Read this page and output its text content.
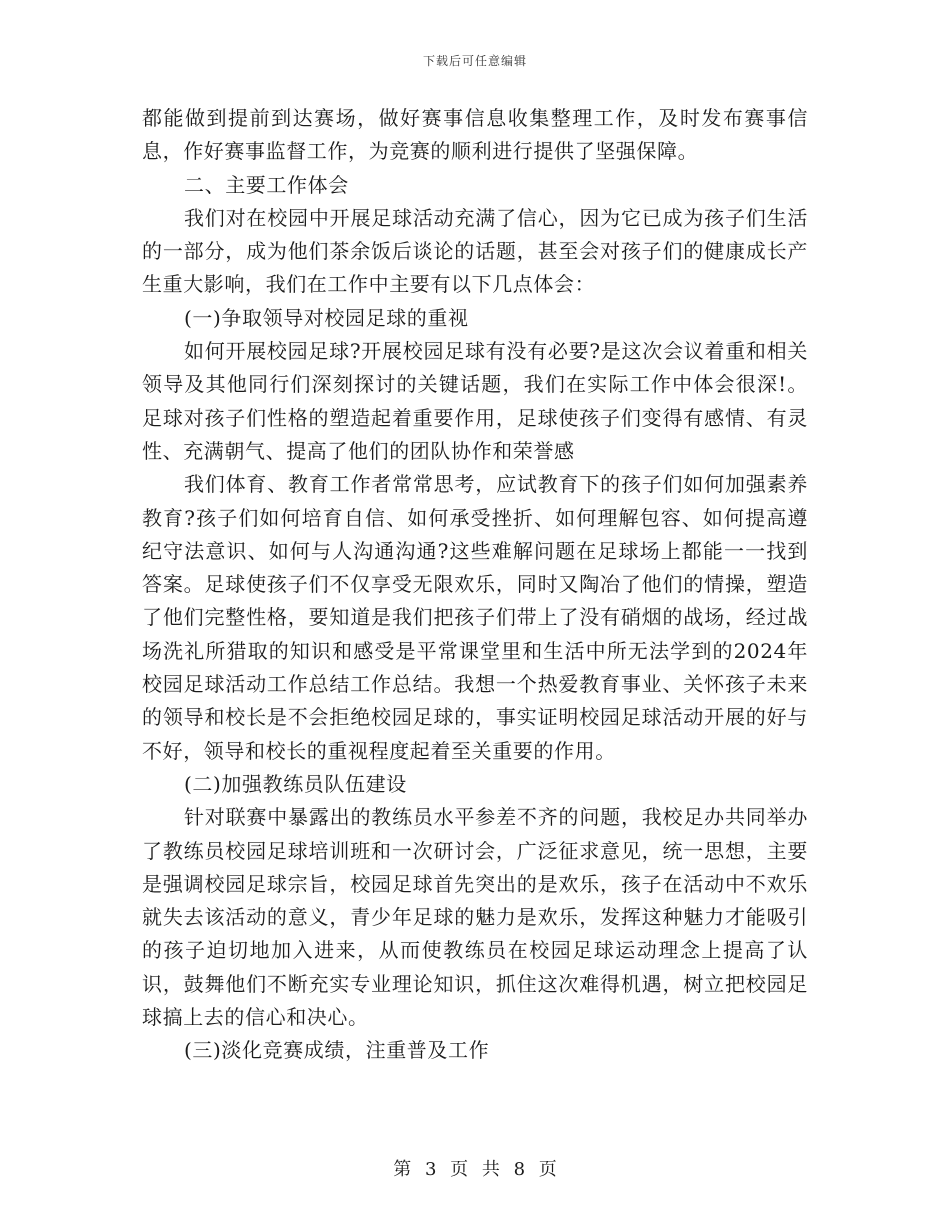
下载后可任意编辑

都能做到提前到达赛场，做好赛事信息收集整理工作，及时发布赛事信息，作好赛事监督工作，为竞赛的顺利进行提供了坚强保障。

二、主要工作体会

我们对在校园中开展足球活动充满了信心，因为它已成为孩子们生活的一部分，成为他们茶余饭后谈论的话题，甚至会对孩子们的健康成长产生重大影响，我们在工作中主要有以下几点体会：

(一)争取领导对校园足球的重视

如何开展校园足球?开展校园足球有没有必要?是这次会议着重和相关领导及其他同行们深刻探讨的关键话题，我们在实际工作中体会很深!。足球对孩子们性格的塑造起着重要作用，足球使孩子们变得有感情、有灵性、充满朝气、提高了他们的团队协作和荣誉感

我们体育、教育工作者常常思考，应试教育下的孩子们如何加强素养教育?孩子们如何培育自信、如何承受挫折、如何理解包容、如何提高遵纪守法意识、如何与人沟通沟通?这些难解问题在足球场上都能一一找到答案。足球使孩子们不仅享受无限欢乐，同时又陶冶了他们的情操，塑造了他们完整性格，要知道是我们把孩子们带上了没有硝烟的战场，经过战场洗礼所猎取的知识和感受是平常课堂里和生活中所无法学到的2024年校园足球活动工作总结工作总结。我想一个热爱教育事业、关怀孩子未来的领导和校长是不会拒绝校园足球的，事实证明校园足球活动开展的好与不好，领导和校长的重视程度起着至关重要的作用。

(二)加强教练员队伍建设

针对联赛中暴露出的教练员水平参差不齐的问题，我校足办共同举办了教练员校园足球培训班和一次研讨会，广泛征求意见，统一思想，主要是强调校园足球宗旨，校园足球首先突出的是欢乐，孩子在活动中不欢乐就失去该活动的意义，青少年足球的魅力是欢乐，发挥这种魅力才能吸引的孩子迫切地加入进来，从而使教练员在校园足球运动理念上提高了认识，鼓舞他们不断充实专业理论知识，抓住这次难得机遇，树立把校园足球搞上去的信心和决心。

(三)淡化竞赛成绩，注重普及工作

第 3 页 共 8 页
